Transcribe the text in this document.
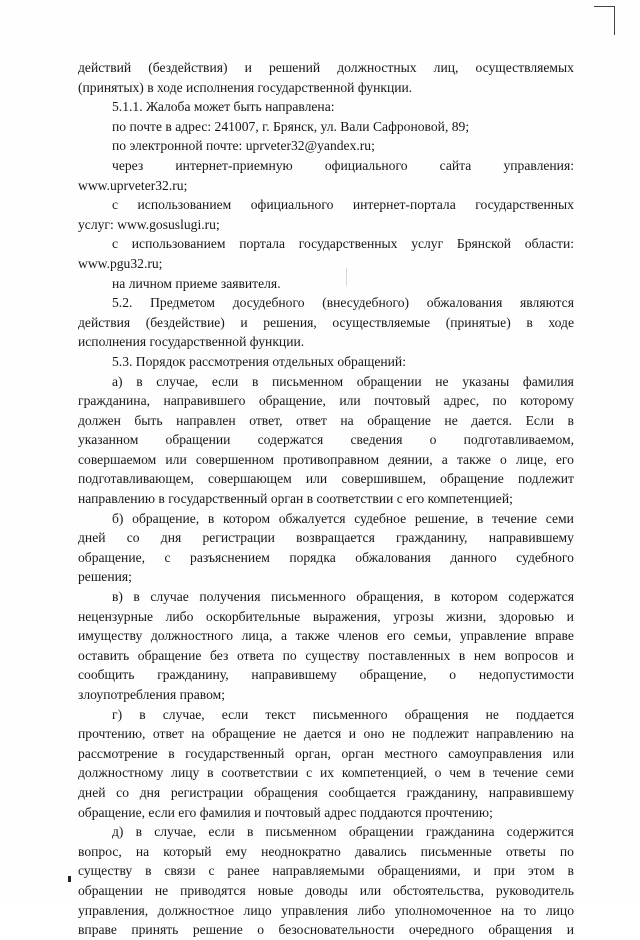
действий (бездействия) и решений должностных лиц, осуществляемых
(принятых) в ходе исполнения государственной функции.
5.1.1. Жалоба может быть направлена:
по почте в адрес: 241007, г. Брянск, ул. Вали Сафроновой, 89;
по электронной почте: uprveter32@yandex.ru;
через интернет-приемную официального сайта управления:
www.uprveter32.ru;
с использованием официального интернет-портала государственных
услуг: www.gosuslugi.ru;
с использованием портала государственных услуг Брянской области:
www.pgu32.ru;
на личном приеме заявителя.
5.2. Предметом досудебного (внесудебного) обжалования являются
действия (бездействие) и решения, осуществляемые (принятые) в ходе
исполнения государственной функции.
5.3. Порядок рассмотрения отдельных обращений:
а) в случае, если в письменном обращении не указаны фамилия
гражданина, направившего обращение, или почтовый адрес, по которому
должен быть направлен ответ, ответ на обращение не дается. Если в
указанном обращении содержатся сведения о подготавливаемом,
совершаемом или совершенном противоправном деянии, а также о лице, его
подготавливающем, совершающем или совершившем, обращение подлежит
направлению в государственный орган в соответствии с его компетенцией;
б) обращение, в котором обжалуется судебное решение, в течение семи
дней со дня регистрации возвращается гражданину, направившему
обращение, с разъяснением порядка обжалования данного судебного
решения;
в) в случае получения письменного обращения, в котором содержатся
нецензурные либо оскорбительные выражения, угрозы жизни, здоровью и
имуществу должностного лица, а также членов его семьи, управление вправе
оставить обращение без ответа по существу поставленных в нем вопросов и
сообщить гражданину, направившему обращение, о недопустимости
злоупотребления правом;
г) в случае, если текст письменного обращения не поддается
прочтению, ответ на обращение не дается и оно не подлежит направлению на
рассмотрение в государственный орган, орган местного самоуправления или
должностному лицу в соответствии с их компетенцией, о чем в течение семи
дней со дня регистрации обращения сообщается гражданину, направившему
обращение, если его фамилия и почтовый адрес поддаются прочтению;
д) в случае, если в письменном обращении гражданина содержится
вопрос, на который ему неоднократно давались письменные ответы по
существу в связи с ранее направляемыми обращениями, и при этом в
обращении не приводятся новые доводы или обстоятельства, руководитель
управления, должностное лицо управления либо уполномоченное на то лицо
вправе принять решение о безосновательности очередного обращения и
